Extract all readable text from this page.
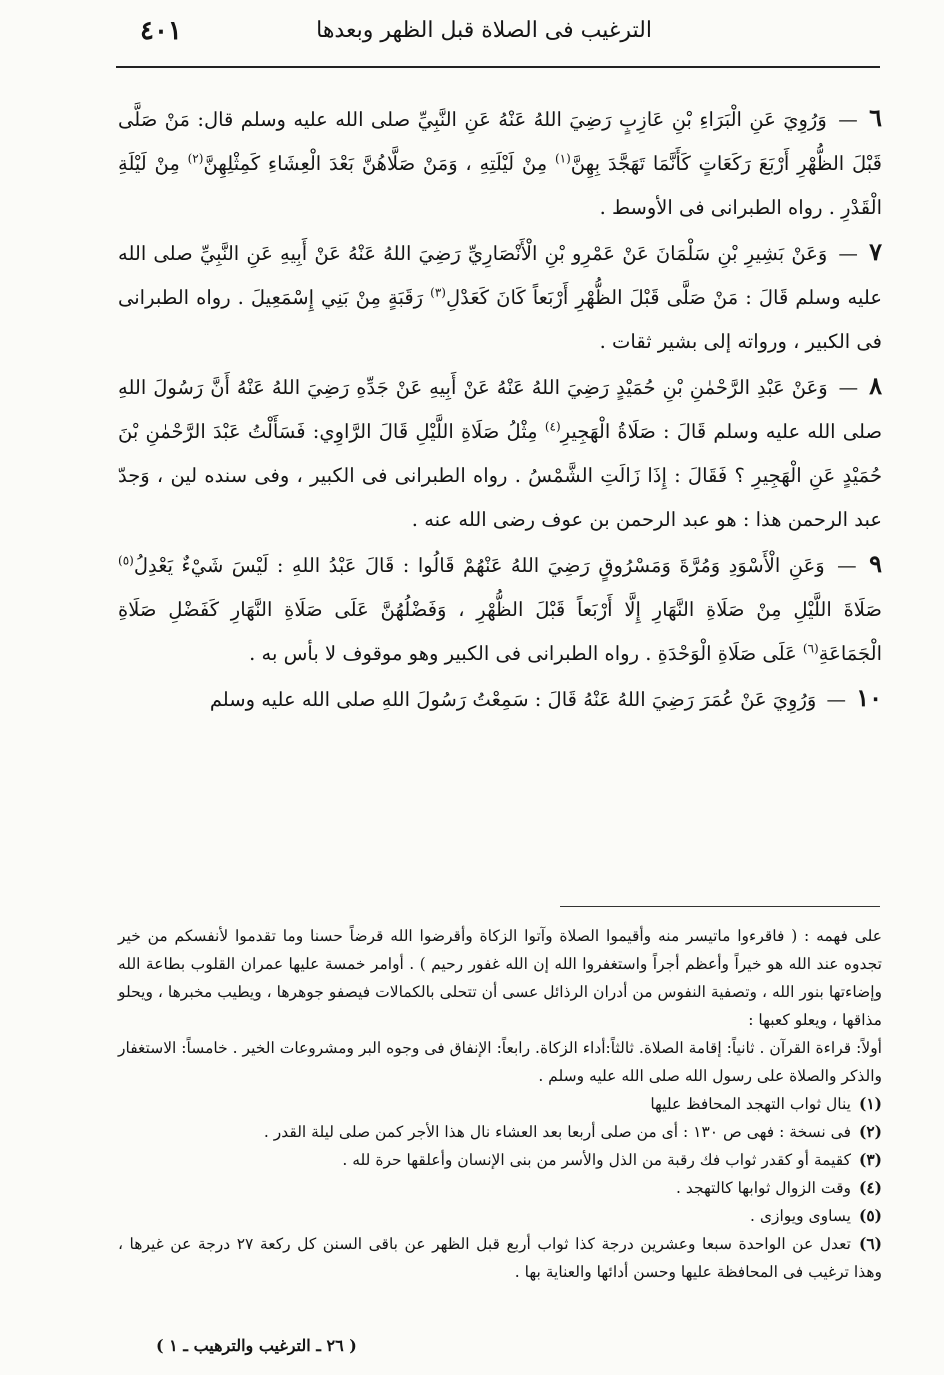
الترغيب فى الصلاة قبل الظهر وبعدها
٤٠١

٦ — وَرُوِيَ عَنِ الْبَرَاءِ بْنِ عَازِبٍ رَضِيَ اللهُ عَنْهُ عَنِ النَّبِيِّ صلى الله عليه وسلم قال: مَنْ صَلَّى قَبْلَ الظُّهْرِ أَرْبَعَ رَكَعَاتٍ كَأَنَّمَا تَهَجَّدَ بِهِنَّ$^{(١)}$ مِنْ لَيْلَتِهِ ، وَمَنْ صَلَّاهُنَّ بَعْدَ الْعِشَاءِ كَمِثْلِهِنَّ$^{(٢)}$ مِنْ لَيْلَةِ الْقَدْرِ . رواه الطبرانى فى الأوسط .

٧ — وَعَنْ بَشِيرِ بْنِ سَلْمَانَ عَنْ عَمْرِو بْنِ الْأَنْصَارِيِّ رَضِيَ اللهُ عَنْهُ عَنْ أَبِيهِ عَنِ النَّبِيِّ صلى الله عليه وسلم قَالَ : مَنْ صَلَّى قَبْلَ الظُّهْرِ أَرْبَعاً كَانَ كَعَدْلِ$^{(٣)}$ رَقَبَةٍ مِنْ بَنِي إِسْمَعِيلَ . رواه الطبرانى فى الكبير ، ورواته إلى بشير ثقات .

٨ — وَعَنْ عَبْدِ الرَّحْمٰنِ بْنِ حُمَيْدٍ رَضِيَ اللهُ عَنْهُ عَنْ أَبِيهِ عَنْ جَدِّهِ رَضِيَ اللهُ عَنْهُ أَنَّ رَسُولَ اللهِ صلى الله عليه وسلم قَالَ : صَلَاةُ الْهَجِيرِ$^{(٤)}$ مِثْلُ صَلَاةِ اللَّيْلِ قَالَ الرَّاوِي: فَسَأَلْتُ عَبْدَ الرَّحْمٰنِ بْنَ حُمَيْدٍ عَنِ الْهَجِيرِ ؟ فَقَالَ : إِذَا زَالَتِ الشَّمْسُ . رواه الطبرانى فى الكبير ، وفى سنده لين ، وَجدّ عبد الرحمن هذا : هو عبد الرحمن بن عوف رضى الله عنه .

٩ — وَعَنِ الْأَسْوَدِ وَمُرَّةَ وَمَسْرُوقٍ رَضِيَ اللهُ عَنْهُمْ قَالُوا : قَالَ عَبْدُ اللهِ : لَيْسَ شَيْءٌ يَعْدِلُ$^{(٥)}$ صَلَاةَ اللَّيْلِ مِنْ صَلَاةِ النَّهَارِ إِلَّا أَرْبَعاً قَبْلَ الظُّهْرِ ، وَفَضْلُهُنَّ عَلَى صَلَاةِ النَّهَارِ كَفَضْلِ صَلَاةِ الْجَمَاعَةِ$^{(٦)}$ عَلَى صَلَاةِ الْوَحْدَةِ . رواه الطبرانى فى الكبير وهو موقوف لا بأس به .

١٠ — وَرُوِيَ عَنْ عُمَرَ رَضِيَ اللهُ عَنْهُ قَالَ : سَمِعْتُ رَسُولَ اللهِ صلى الله عليه وسلم

على فهمه : ( فاقرءوا ماتيسر منه وأقيموا الصلاة وآتوا الزكاة وأقرضوا الله قرضاً حسنا وما تقدموا لأنفسكم من خير تجدوه عند الله هو خيراً وأعظم أجراً واستغفروا الله إن الله غفور رحيم ) . أوامر خمسة عليها عمران القلوب بطاعة الله وإضاءتها بنور الله ، وتصفية النفوس من أدران الرذائل عسى أن تتحلى بالكمالات فيصفو جوهرها ، ويطيب مخبرها ، ويحلو مذاقها ، ويعلو كعبها :

أولاً: قراءة القرآن . ثانياً: إقامة الصلاة. ثالثاً:أداء الزكاة. رابعاً: الإنفاق فى وجوه البر ومشروعات الخير . خامساً: الاستغفار والذكر والصلاة على رسول الله صلى الله عليه وسلم .

(١)ينال ثواب التهجد المحافظ عليها

(٢)فى نسخة : فهى ص ١٣٠ : أى من صلى أربعا بعد العشاء نال هذا الأجر كمن صلى ليلة القدر .

(٣)كقيمة أو كقدر ثواب فك رقبة من الذل والأسر من بنى الإنسان وأعلقها حرة لله .

(٤)وقت الزوال ثوابها كالتهجد .

(٥)يساوى ويوازى .

(٦)تعدل عن الواحدة سبعا وعشرين درجة كذا ثواب أربع قبل الظهر عن باقى السنن كل ركعة ٢٧ درجة عن غيرها ، وهذا ترغيب فى المحافظة عليها وحسن أدائها والعناية بها .

( ٢٦ ـ الترغيب والترهيب ـ ١ )
